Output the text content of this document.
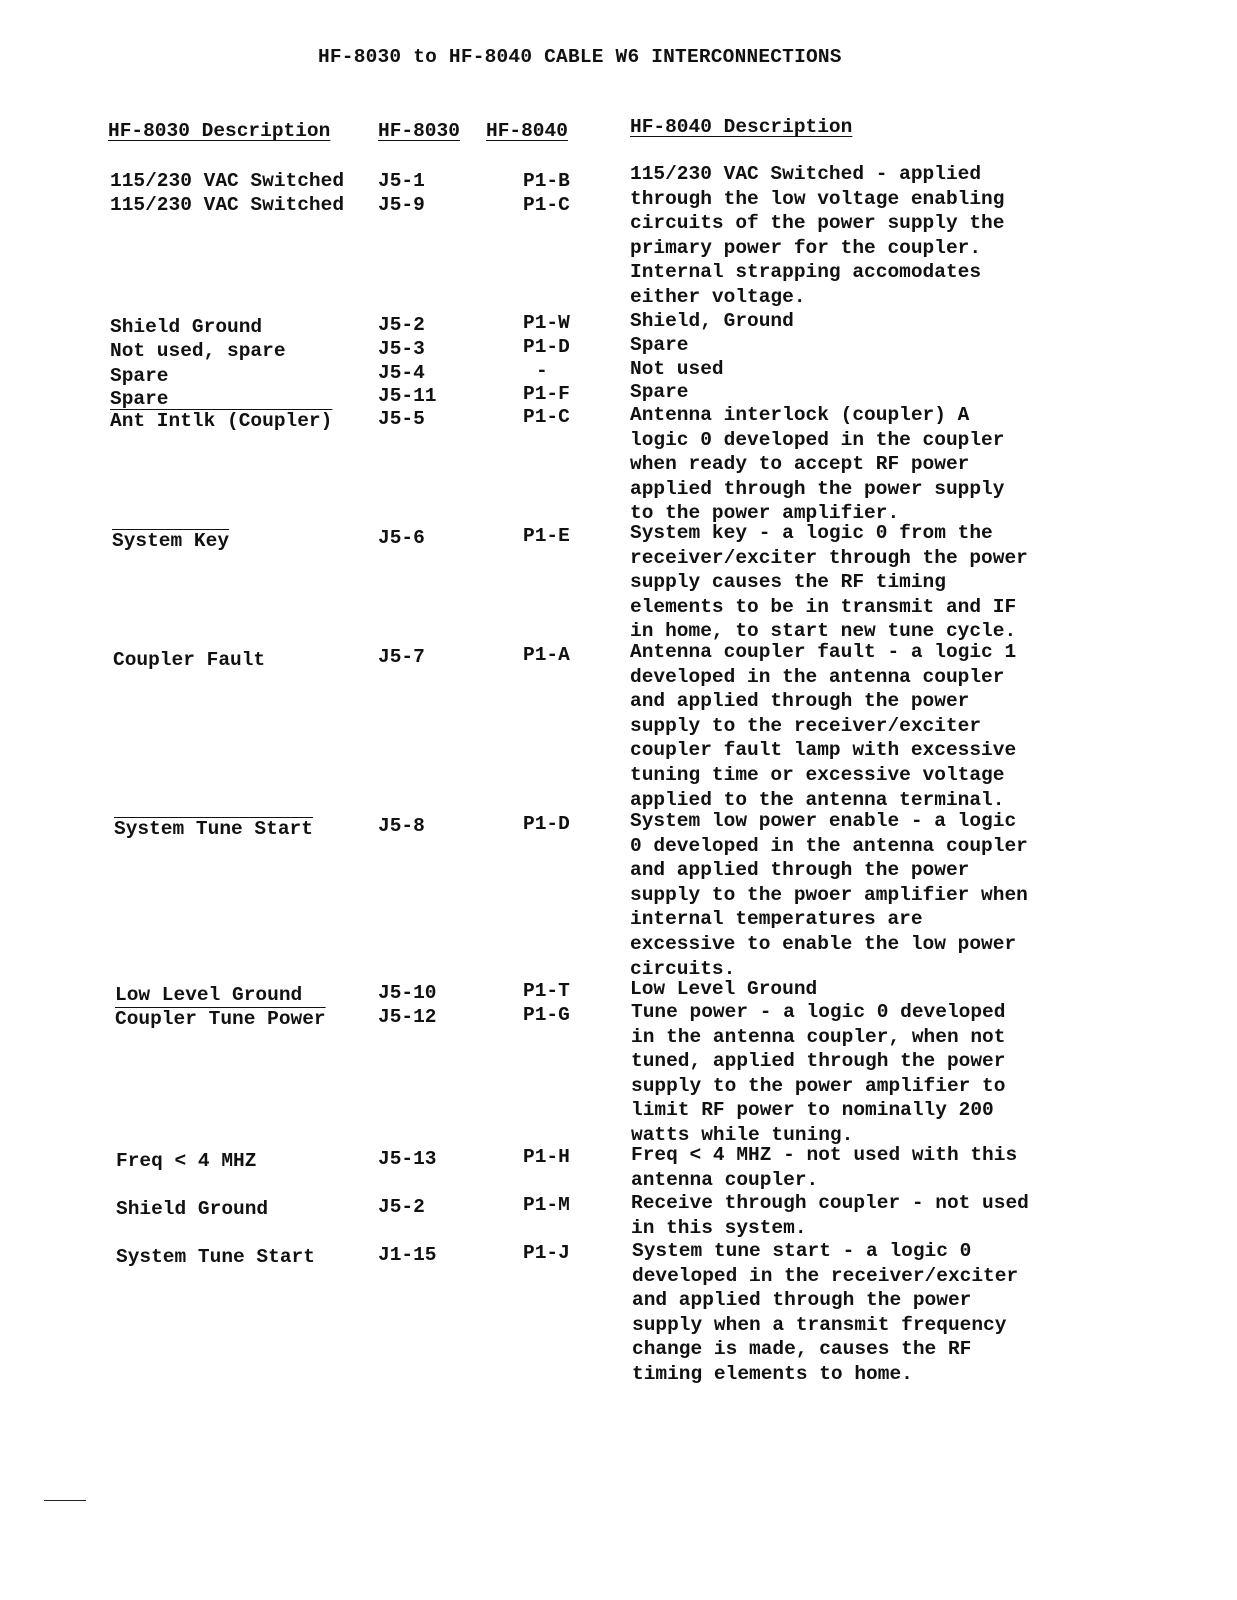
HF-8030 to HF-8040 CABLE W6 INTERCONNECTIONS
HF-8030 Description HF-8030 HF-8040	HF-8040 Description
115/230 VAC Switched J5-1	P1-B	115/230 VAC Switched - applied
through the low voltage enabling
circuits of the power supply the
primary power for the coupler.
Internal strapping accomodates
either voltage.
115/230 VAC Switched J5-9	P1-C
Shield Ground	J5-2	P1-W	Shield, Ground
Not used, spare	J5-3	P1-D	Spare
Spare	J5-4	-	Not used
Spare	J5-11	P1-F	Spare
Ant Intlk (Coupler) J5-5	P1-C	Antenna interlock (coupler) A
logic 0 developed in the coupler
when ready to accept RF power
applied through the power supply
to the power amplifier.
System Key	J5-6	P1-E	System key - a logic 0 from the
receiver/exciter through the power
supply causes the RF timing
elements to be in transmit and IF
in home, to start new tune cycle.
Coupler Fault	J5-7	P1-A	Antenna coupler fault - a logic 1
developed in the antenna coupler
and applied through the power
supply to the receiver/exciter
coupler fault lamp with excessive
tuning time or excessive voltage
applied to the antenna terminal.
System Tune Start	J5-8	P1-D	System low power enable - a logic
0 developed in the antenna coupler
and applied through the power
supply to the pwoer amplifier when
internal temperatures are
excessive to enable the low power
circuits.
Low Level Ground	J5-10	P1-T	Low Level Ground
Coupler Tune Power	J5-12	P1-G	Tune power - a logic 0 developed
in the antenna coupler, when not
tuned, applied through the power
supply to the power amplifier to
limit RF power to nominally 200
watts while tuning.
Freq < 4 MHZ	J5-13	P1-H	Freq < 4 MHZ - not used with this
antenna coupler.
Shield Ground	J5-2	P1-M	Receive through coupler - not used
in this system.
System Tune Start	J1-15	P1-J	System tune start - a logic 0
developed in the receiver/exciter
and applied through the power
supply when a transmit frequency
change is made, causes the RF
timing elements to home.
